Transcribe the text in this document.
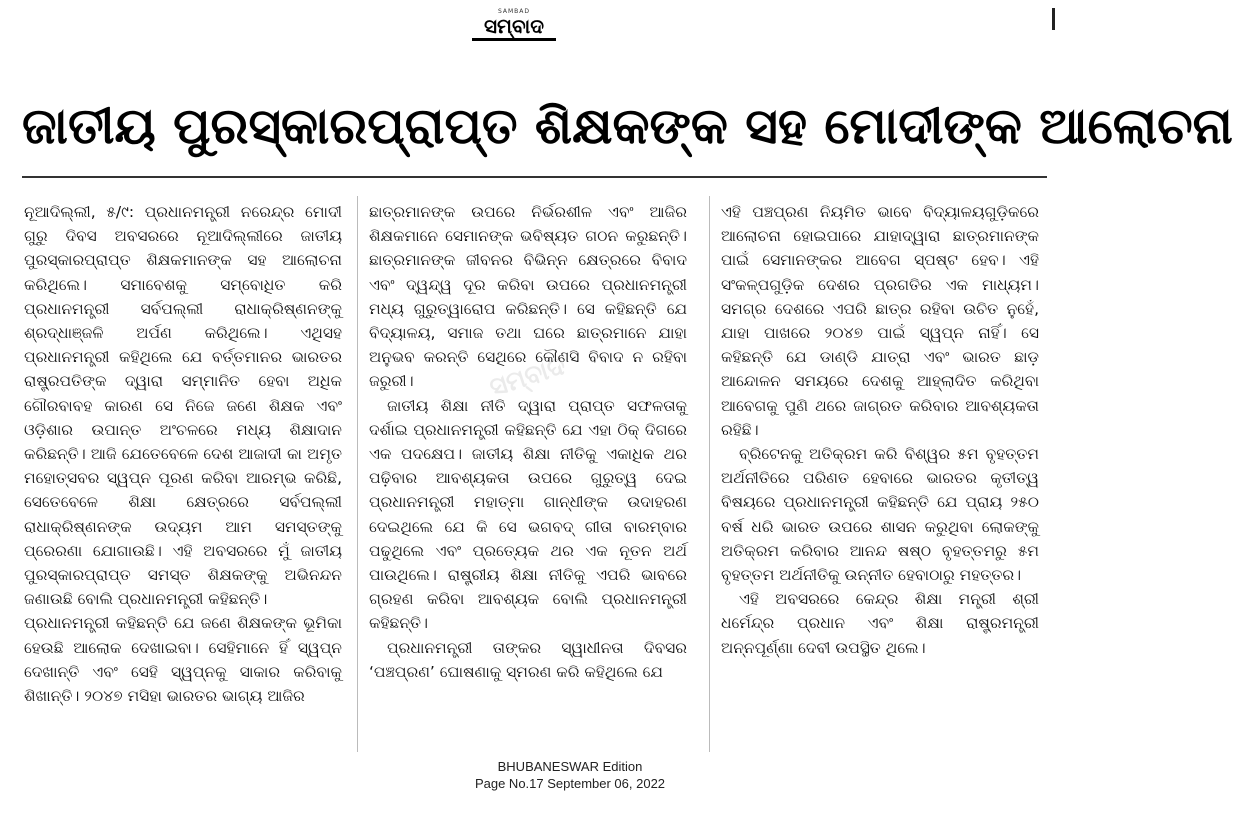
SAMBAD
ସମ୍ବାଦ
ଜାତୀୟ ପୁରସ୍କାରପ୍ରାପ୍ତ ଶିକ୍ଷକଙ୍କ ସହ ମୋଦୀଙ୍କ ଆଲୋଚନା
ସମ୍ବାଦ

ନୂଆଦିଲ୍ଲୀ, ୫/୯: ପ୍ରଧାନମନ୍ତ୍ରୀ ନରେନ୍ଦ୍ର ମୋଦୀ ଗୁରୁ ଦିବସ ଅବସରରେ ନୂଆଦିଲ୍ଲୀରେ ଜାତୀୟ ପୁରସ୍କାରପ୍ରାପ୍ତ ଶିକ୍ଷକମାନଙ୍କ ସହ ଆଲୋଚନା କରିଥିଲେ। ସମାବେଶକୁ ସମ୍ବୋଧିତ କରି ପ୍ରଧାନମନ୍ତ୍ରୀ ସର୍ବପଲ୍ଲୀ ରାଧାକ୍ରିଷ୍ଣନଙ୍କୁ ଶ୍ରଦ୍ଧାଞ୍ଜଳି ଅର୍ପଣ କରିଥିଲେ। ଏଥିସହ ପ୍ରଧାନମନ୍ତ୍ରୀ କହିଥିଲେ ଯେ ବର୍ତ୍ତମାନର ଭାରତର ରାଷ୍ଟ୍ରପତିଙ୍କ ଦ୍ୱାରା ସମ୍ମାନିତ ହେବା ଅଧିକ ଗୌରବାବହ କାରଣ ସେ ନିଜେ ଜଣେ ଶିକ୍ଷକ ଏବଂ ଓଡ଼ିଶାର ଉପାନ୍ତ ଅଂଚଳରେ ମଧ୍ୟ ଶିକ୍ଷାଦାନ କରିଛନ୍ତି। ଆଜି ଯେତେବେଳେ ଦେଶ ଆଜାଦୀ କା ଅମୃତ ମହୋତ୍ସବର ସ୍ୱପ୍ନ ପୂରଣ କରିବା ଆରମ୍ଭ କରିଛି, ସେତେବେଳେ ଶିକ୍ଷା କ୍ଷେତ୍ରରେ ସର୍ବପଲ୍ଲୀ ରାଧାକ୍ରିଷ୍ଣନଙ୍କ ଉଦ୍ୟମ ଆମ ସମସ୍ତଙ୍କୁ ପ୍ରେରଣା ଯୋଗାଉଛି। ଏହି ଅବସରରେ ମୁଁ ଜାତୀୟ ପୁରସ୍କାରପ୍ରାପ୍ତ ସମସ୍ତ ଶିକ୍ଷକଙ୍କୁ ଅଭିନନ୍ଦନ ଜଣାଉଛି ବୋଲି ପ୍ରଧାନମନ୍ତ୍ରୀ କହିଛନ୍ତି।

ପ୍ରଧାନମନ୍ତ୍ରୀ କହିଛନ୍ତି ଯେ ଜଣେ ଶିକ୍ଷକଙ୍କ ଭୂମିକା ହେଉଛି ଆଲୋକ ଦେଖାଇବା। ସେହିମାନେ ହିଁ ସ୍ୱପ୍ନ ଦେଖାନ୍ତି ଏବଂ ସେହି ସ୍ୱପ୍ନକୁ ସାକାର କରିବାକୁ ଶିଖାନ୍ତି। ୨୦୪୭ ମସିହା ଭାରତର ଭାଗ୍ୟ ଆଜିର

ଛାତ୍ରମାନଙ୍କ ଉପରେ ନିର୍ଭରଶୀଳ ଏବଂ ଆଜିର ଶିକ୍ଷକମାନେ ସେମାନଙ୍କ ଭବିଷ୍ୟତ ଗଠନ କରୁଛନ୍ତି। ଛାତ୍ରମାନଙ୍କ ଜୀବନର ବିଭିନ୍ନ କ୍ଷେତ୍ରରେ ବିବାଦ ଏବଂ ଦ୍ୱନ୍ଦ୍ୱ ଦୂର କରିବା ଉପରେ ପ୍ରଧାନମନ୍ତ୍ରୀ ମଧ୍ୟ ଗୁରୁତ୍ୱାରୋପ କରିଛନ୍ତି। ସେ କହିଛନ୍ତି ଯେ ବିଦ୍ୟାଳୟ, ସମାଜ ତଥା ଘରେ ଛାତ୍ରମାନେ ଯାହା ଅନୁଭବ କରନ୍ତି ସେଥିରେ କୌଣସି ବିବାଦ ନ ରହିବା ଜରୁରୀ।

ଜାତୀୟ ଶିକ୍ଷା ନୀତି ଦ୍ୱାରା ପ୍ରାପ୍ତ ସଫଳତାକୁ ଦର୍ଶାଇ ପ୍ରଧାନମନ୍ତ୍ରୀ କହିଛନ୍ତି ଯେ ଏହା ଠିକ୍ ଦିଗରେ ଏକ ପଦକ୍ଷେପ। ଜାତୀୟ ଶିକ୍ଷା ନୀତିକୁ ଏକାଧିକ ଥର ପଢ଼ିବାର ଆବଶ୍ୟକତା ଉପରେ ଗୁରୁତ୍ୱ ଦେଇ ପ୍ରଧାନମନ୍ତ୍ରୀ ମହାତ୍ମା ଗାନ୍ଧୀଙ୍କ ଉଦାହରଣ ଦେଇଥିଲେ ଯେ କି ସେ ଭଗବଦ୍ ଗୀତା ବାରମ୍ବାର ପଢୁଥିଲେ ଏବଂ ପ୍ରତ୍ୟେକ ଥର ଏକ ନୂତନ ଅର୍ଥ ପାଉଥିଲେ। ରାଷ୍ଟ୍ରୀୟ ଶିକ୍ଷା ନୀତିକୁ ଏପରି ଭାବରେ ଗ୍ରହଣ କରିବା ଆବଶ୍ୟକ ବୋଲି ପ୍ରଧାନମନ୍ତ୍ରୀ କହିଛନ୍ତି।

ପ୍ରଧାନମନ୍ତ୍ରୀ ତାଙ୍କର ସ୍ୱାଧୀନତା ଦିବସର ‘ପଞ୍ଚପ୍ରଣ’ ଘୋଷଣାକୁ ସ୍ମରଣ କରି କହିଥିଲେ ଯେ

ଏହି ପଞ୍ଚପ୍ରଣ ନିୟମିତ ଭାବେ ବିଦ୍ୟାଳୟଗୁଡ଼ିକରେ ଆଲୋଚନା ହୋଇପାରେ ଯାହାଦ୍ୱାରା ଛାତ୍ରମାନଙ୍କ ପାଇଁ ସେମାନଙ୍କର ଆବେଗ ସ୍ପଷ୍ଟ ହେବ। ଏହି ସଂକଳ୍ପଗୁଡ଼ିକ ଦେଶର ପ୍ରଗତିର ଏକ ମାଧ୍ୟମ। ସମଗ୍ର ଦେଶରେ ଏପରି ଛାତ୍ର ରହିବା ଉଚିତ ନୁହେଁ, ଯାହା ପାଖରେ ୨୦୪୭ ପାଇଁ ସ୍ୱପ୍ନ ନାହିଁ। ସେ କହିଛନ୍ତି ଯେ ଡାଣ୍ଡି ଯାତ୍ରା ଏବଂ ଭାରତ ଛାଡ଼ ଆନ୍ଦୋଳନ ସମୟରେ ଦେଶକୁ ଆହ୍ଲାଦିତ କରିଥିବା ଆବେଗକୁ ପୁଣି ଥରେ ଜାଗ୍ରତ କରିବାର ଆବଶ୍ୟକତା ରହିଛି।

ବ୍ରିଟେନକୁ ଅତିକ୍ରମ କରି ବିଶ୍ୱର ୫ମ ବୃହତ୍ତମ ଅର୍ଥନୀତିରେ ପରିଣତ ହେବାରେ ଭାରତର କୃତୀତ୍ୱ ବିଷୟରେ ପ୍ରଧାନମନ୍ତ୍ରୀ କହିଛନ୍ତି ଯେ ପ୍ରାୟ ୨୫୦ ବର୍ଷ ଧରି ଭାରତ ଉପରେ ଶାସନ କରୁଥିବା ଲୋକଙ୍କୁ ଅତିକ୍ରମ କରିବାର ଆନନ୍ଦ ଷଷ୍ଠ ବୃହତ୍ତମରୁ ୫ମ ବୃହତ୍ତମ ଅର୍ଥନୀତିକୁ ଉନ୍ନୀତ ହେବାଠାରୁ ମହତ୍ତର।

ଏହି ଅବସରରେ କେନ୍ଦ୍ର ଶିକ୍ଷା ମନ୍ତ୍ରୀ ଶ୍ରୀ ଧର୍ମେନ୍ଦ୍ର ପ୍ରଧାନ ଏବଂ ଶିକ୍ଷା ରାଷ୍ଟ୍ରମନ୍ତ୍ରୀ ଅନ୍ନପୂର୍ଣ୍ଣା ଦେବୀ ଉପସ୍ଥିତ ଥିଲେ।

BHUBANESWAR Edition
Page No.17 September 06, 2022
